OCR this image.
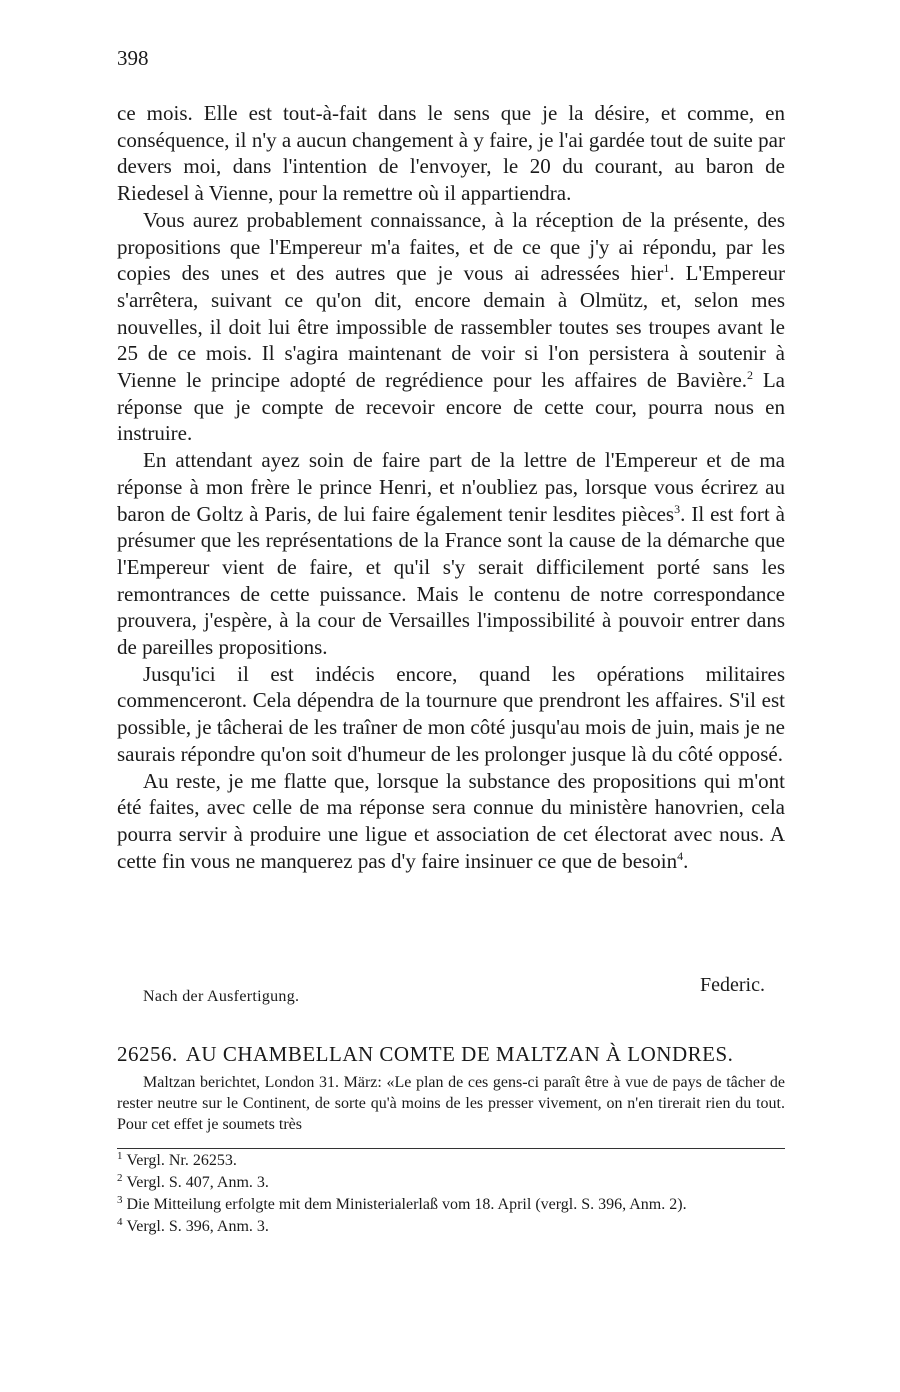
398

ce mois. Elle est tout-à-fait dans le sens que je la désire, et comme, en conséquence, il n'y a aucun changement à y faire, je l'ai gardée tout de suite par devers moi, dans l'intention de l'envoyer, le 20 du courant, au baron de Riedesel à Vienne, pour la remettre où il appartiendra.

Vous aurez probablement connaissance, à la réception de la présente, des propositions que l'Empereur m'a faites, et de ce que j'y ai répondu, par les copies des unes et des autres que je vous ai adressées hier$^1$. L'Empereur s'arrêtera, suivant ce qu'on dit, encore demain à Olmütz, et, selon mes nouvelles, il doit lui être impossible de rassembler toutes ses troupes avant le 25 de ce mois. Il s'agira maintenant de voir si l'on persistera à soutenir à Vienne le principe adopté de regrédience pour les affaires de Bavière.$^2$ La réponse que je compte de recevoir encore de cette cour, pourra nous en instruire.

En attendant ayez soin de faire part de la lettre de l'Empereur et de ma réponse à mon frère le prince Henri, et n'oubliez pas, lorsque vous écrirez au baron de Goltz à Paris, de lui faire également tenir lesdites pièces$^3$. Il est fort à présumer que les représentations de la France sont la cause de la démarche que l'Empereur vient de faire, et qu'il s'y serait difficilement porté sans les remontrances de cette puissance. Mais le contenu de notre correspondance prouvera, j'espère, à la cour de Versailles l'impossibilité à pouvoir entrer dans de pareilles propositions.

Jusqu'ici il est indécis encore, quand les opérations militaires commenceront. Cela dépendra de la tournure que prendront les affaires. S'il est possible, je tâcherai de les traîner de mon côté jusqu'au mois de juin, mais je ne saurais répondre qu'on soit d'humeur de les prolonger jusque là du côté opposé.

Au reste, je me flatte que, lorsque la substance des propositions qui m'ont été faites, avec celle de ma réponse sera connue du ministère hanovrien, cela pourra servir à produire une ligue et association de cet électorat avec nous. A cette fin vous ne manquerez pas d'y faire insinuer ce que de besoin$^4$.

Federic.
Nach der Ausfertigung.
26256. AU CHAMBELLAN COMTE DE MALTZAN À LONDRES.
Maltzan berichtet, London 31. März: «Le plan de ces gens-ci paraît être à vue de pays de tâcher de rester neutre sur le Continent, de sorte qu'à moins de les presser vivement, on n'en tirerait rien du tout. Pour cet effet je soumets très

$^1$ Vergl. Nr. 26253.

$^2$ Vergl. S. 407, Anm. 3.

$^3$ Die Mitteilung erfolgte mit dem Ministerialerlaß vom 18. April (vergl. S. 396, Anm. 2).

$^4$ Vergl. S. 396, Anm. 3.
